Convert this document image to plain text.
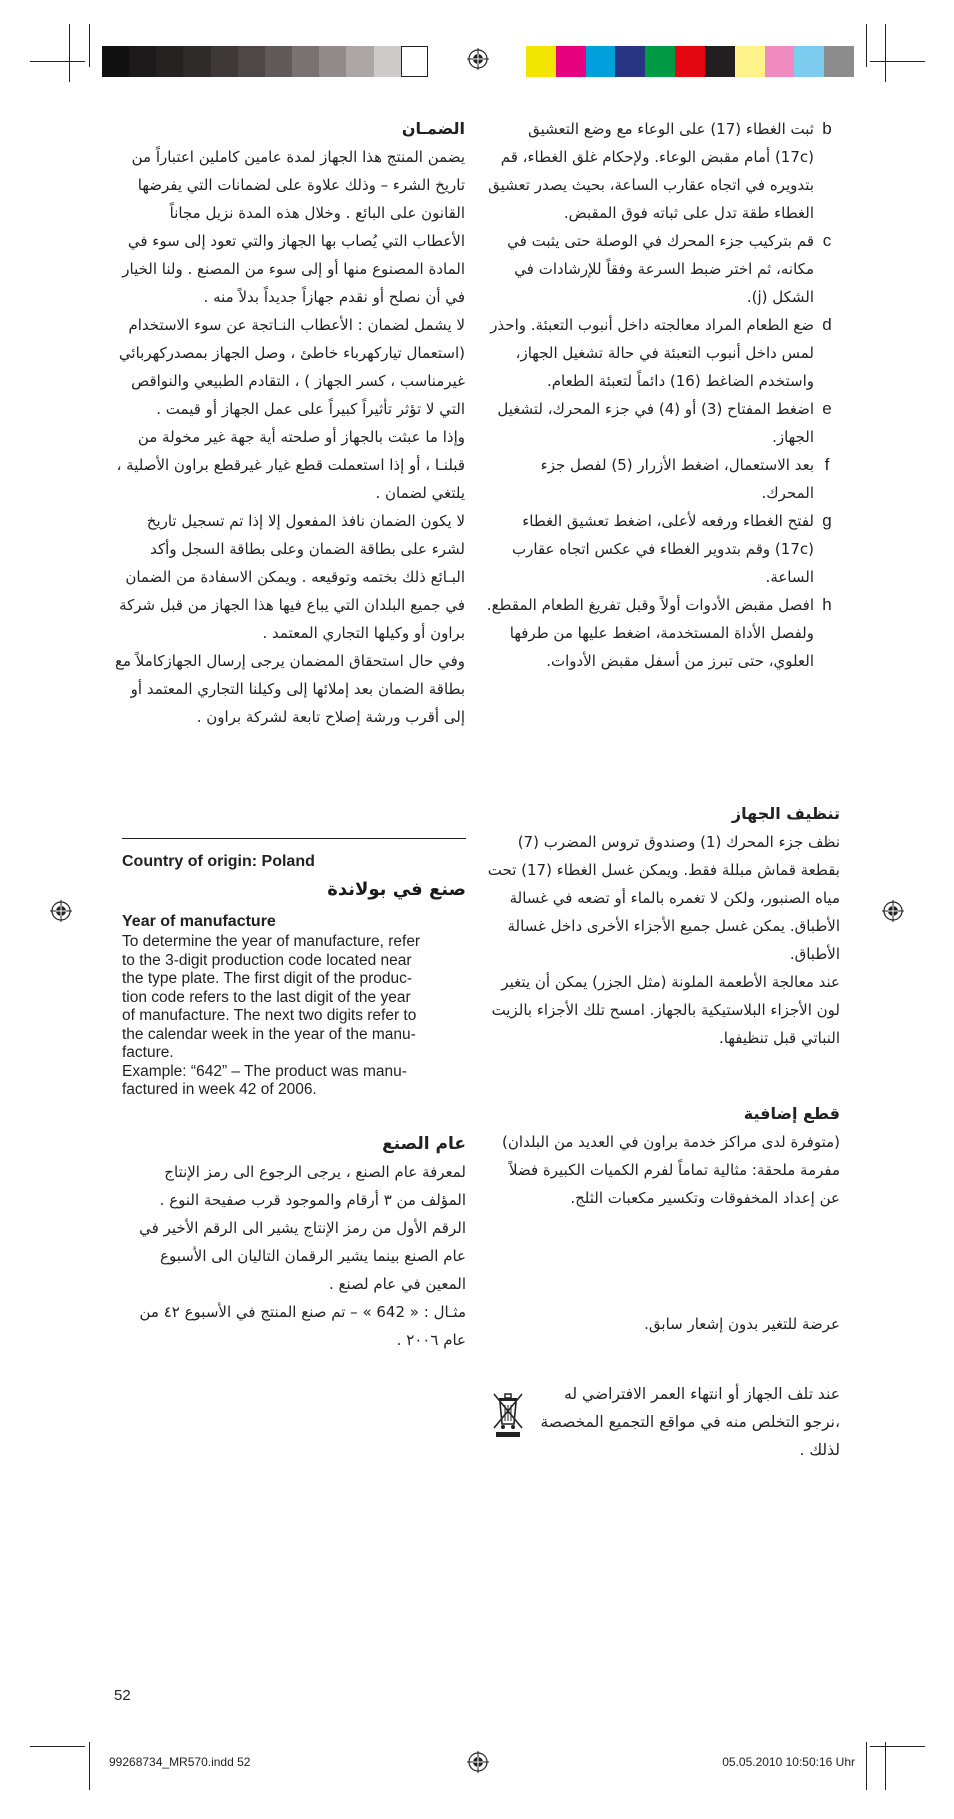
الضمـان

يضمن المنتج هذا الجهاز لمدة عامين كاملين اعتباراً من تاريخ الشرء – وذلك علاوة على لضمانات التي يفرضها القانون على البائع . وخلال هذه المدة نزيل مجاناً الأعطاب التي يُصاب بها الجهاز والتي تعود إلى سوء في المادة المصنوع منها أو إلى سوء من المصنع . ولنا الخيار في أن نصلح أو نقدم جهازاً جديداً بدلاً منه .

لا يشمل لضمان : الأعطاب النـاتجة عن سوء الاستخدام (استعمال تياركهرباء خاطئ ، وصل الجهاز بمصدركهربائي غيرمناسب ، كسر الجهاز ) ، التقادم الطبيعي والنواقص التي لا تؤثر تأثيراً كبيراً على عمل الجهاز أو قيمت .

وإذا ما عبثت بالجهاز أو صلحته أية جهة غير مخولة من قبلنـا ، أو إذا استعملت قطع غيار غيرقطع براون الأصلية ، يلتغي لضمان .

لا يكون الضمان نافذ المفعول إلا إذا تم تسجيل تاريخ لشرء على بطاقة الضمان وعلى بطاقة السجل وأكد البـائع ذلك بختمه وتوقيعه . ويمكن الاسفادة من الضمان في جميع البلدان التي يباع فيها هذا الجهاز من قبل شركة براون أو وكيلها التجاري المعتمد .

وفي حال استحقاق المضمان يرجى إرسال الجهازكاملاً مع بطاقة الضمان بعد إملائها إلى وكيلنا التجاري المعتمد أو إلى أقرب ورشة إصلاح تابعة لشركة براون .

Country of origin: Poland
صنع في بولاندة
Year of manufacture
To determine the year of manufacture, refer
to the 3-digit production code located near
the type plate. The first digit of the produc-
tion code refers to the last digit of the year
of manufacture. The next two digits refer to
the calendar week in the year of the manu-
facture.
Example: “642” – The product was manu-
factured in week 42 of 2006.
عام الصنع

لمعرفة عام الصنع ، يرجى الرجوع الى رمز الإنتاج المؤلف من ٣ أرقام والموجود قرب صفيحة النوع .

الرقم الأول من رمز الإنتاج يشير الى الرقم الأخير في عام الصنع بينما يشير الرقمان التاليان الى الأسبوع المعين في عام لصنع .

مثـال : « 642 » – تم صنع المنتج في الأسبوع ٤٢ من عام ٢٠٠٦ .

ثبت الغطاء (17) على الوعاء مع وضع التعشيق (17c) أمام مقبض الوعاء. ولإحكام غلق الغطاء، قم بتدويره في اتجاه عقارب الساعة، بحيث يصدر تعشيق الغطاء طقة تدل على ثباته فوق المقبض.
b
قم بتركيب جزء المحرك في الوصلة حتى يثبت في مكانه، ثم اختر ضبط السرعة وفقاً للإرشادات في الشكل (j).
c
ضع الطعام المراد معالجته داخل أنبوب التعبئة. واحذر لمس داخل أنبوب التعبئة في حالة تشغيل الجهاز، واستخدم الضاغط (16) دائماً لتعبئة الطعام.
d
اضغط المفتاح (3) أو (4) في جزء المحرك، لتشغيل الجهاز.
e
بعد الاستعمال، اضغط الأزرار (5) لفصل جزء المحرك.
f
لفتح الغطاء ورفعه لأعلى، اضغط تعشيق الغطاء (17c) وقم بتدوير الغطاء في عكس اتجاه عقارب الساعة.
g
افصل مقبض الأدوات أولاً وقبل تفريغ الطعام المقطع. ولفصل الأداة المستخدمة، اضغط عليها من طرفها العلوي، حتى تبرز من أسفل مقبض الأدوات.
h
تنظيف الجهاز

نظف جزء المحرك (1) وصندوق تروس المضرب (7) بقطعة قماش مبللة فقط. ويمكن غسل الغطاء (17) تحت مياه الصنبور، ولكن لا تغمره بالماء أو تضعه في غسالة الأطباق. يمكن غسل جميع الأجزاء الأخرى داخل غسالة الأطباق.

عند معالجة الأطعمة الملونة (مثل الجزر) يمكن أن يتغير لون الأجزاء البلاستيكية بالجهاز. امسح تلك الأجزاء بالزيت النباتي قبل تنظيفها.

قطع إضافية

(متوفرة لدى مراكز خدمة براون في العديد من البلدان)

مفرمة ملحقة: مثالية تماماً لفرم الكميات الكبيرة فضلاً عن إعداد المخفوقات وتكسير مكعبات الثلج.

عرضة للتغير بدون إشعار سابق.
عند تلف الجهاز أو انتهاء العمر الافتراضي له ،نرجو التخلص منه في مواقع التجميع المخصصة لذلك .
52
99268734_MR570.indd 52	05.05.2010 10:50:16 Uhr
